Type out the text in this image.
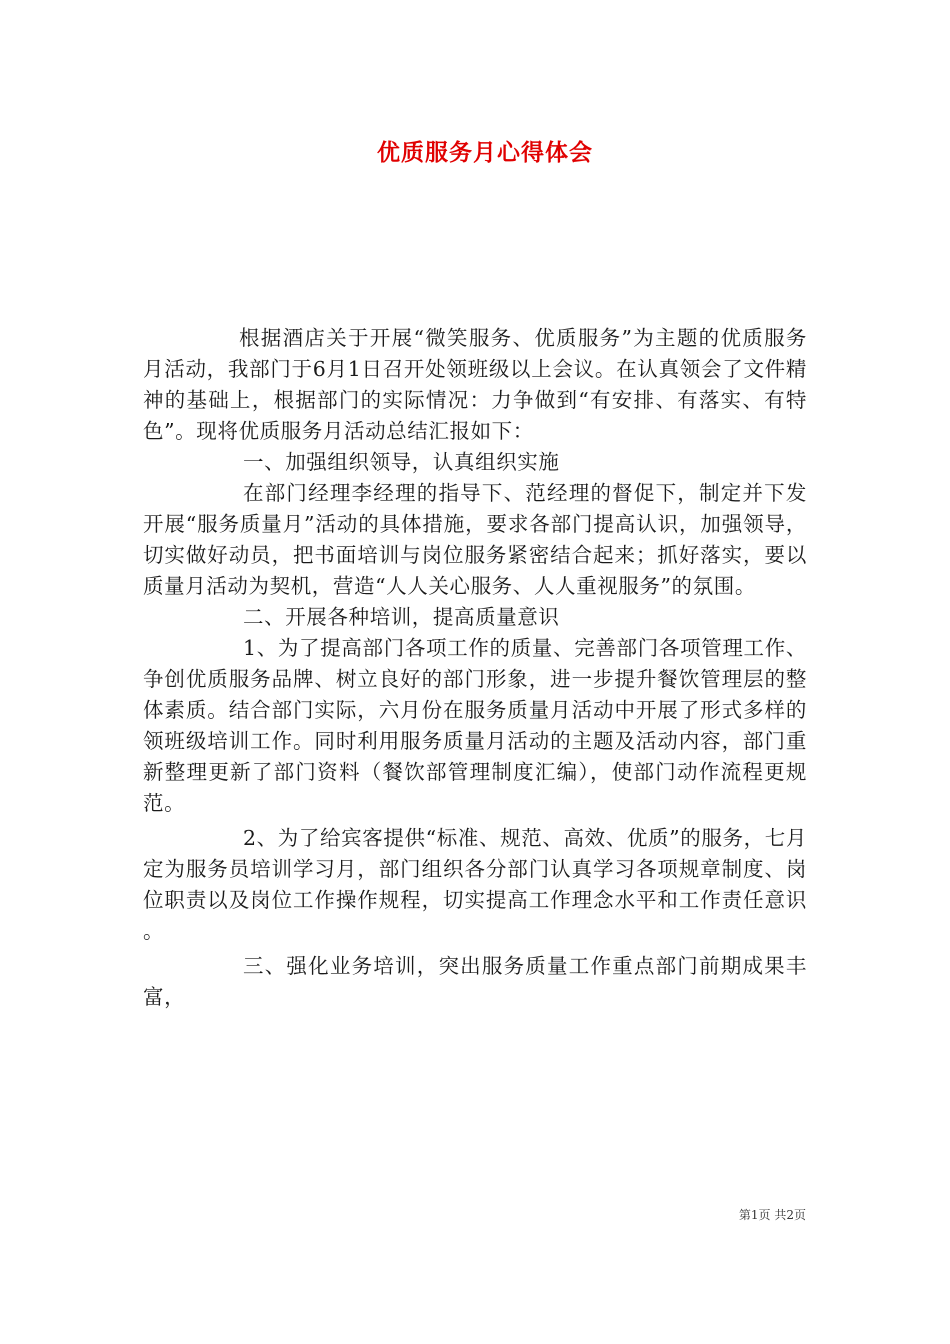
优质服务月心得体会

根据酒店关于开展“微笑服务、优质服务”为主题的优质服务月活动，我部门于6月1日召开处领班级以上会议。在认真领会了文件精神的基础上，根据部门的实际情况：力争做到“有安排、有落实、有特色”。现将优质服务月活动总结汇报如下：

一、加强组织领导，认真组织实施

在部门经理李经理的指导下、范经理的督促下，制定并下发开展“服务质量月”活动的具体措施，要求各部门提高认识，加强领导，切实做好动员，把书面培训与岗位服务紧密结合起来；抓好落实，要以质量月活动为契机，营造“人人关心服务、人人重视服务”的氛围。

二、开展各种培训，提高质量意识

1、为了提高部门各项工作的质量、完善部门各项管理工作、争创优质服务品牌、树立良好的部门形象，进一步提升餐饮管理层的整体素质。结合部门实际，六月份在服务质量月活动中开展了形式多样的领班级培训工作。同时利用服务质量月活动的主题及活动内容，部门重新整理更新了部门资料（餐饮部管理制度汇编），使部门动作流程更规范。

2、为了给宾客提供“标准、规范、高效、优质”的服务，七月定为服务员培训学习月，部门组织各分部门认真学习各项规章制度、岗位职责以及岗位工作操作规程，切实提高工作理念水平和工作责任意识。

三、强化业务培训，突出服务质量工作重点部门前期成果丰富，

第1页 共2页
